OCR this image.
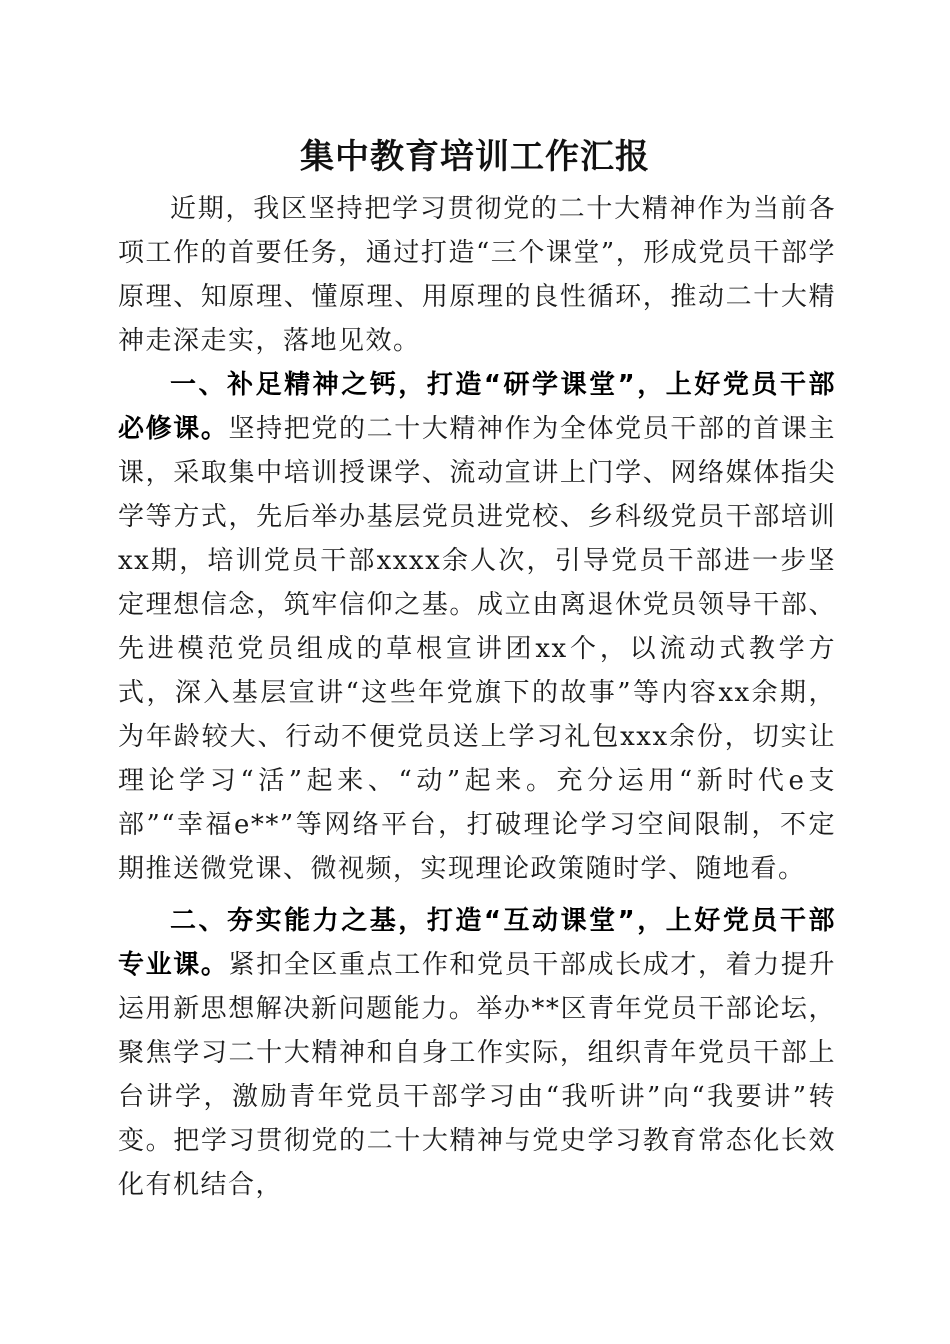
集中教育培训工作汇报

近期，我区坚持把学习贯彻党的二十大精神作为当前各项工作的首要任务，通过打造“三个课堂”，形成党员干部学原理、知原理、懂原理、用原理的良性循环，推动二十大精神走深走实，落地见效。

一、补足精神之钙，打造“研学课堂”，上好党员干部必修课。坚持把党的二十大精神作为全体党员干部的首课主课，采取集中培训授课学、流动宣讲上门学、网络媒体指尖学等方式，先后举办基层党员进党校、乡科级党员干部培训xx期，培训党员干部xxxx余人次，引导党员干部进一步坚定理想信念，筑牢信仰之基。成立由离退休党员领导干部、先进模范党员组成的草根宣讲团xx个，以流动式教学方式，深入基层宣讲“这些年党旗下的故事”等内容xx余期，为年龄较大、行动不便党员送上学习礼包xxx余份，切实让理论学习“活”起来、“动”起来。充分运用“新时代e支部”“幸福e**”等网络平台，打破理论学习空间限制，不定期推送微党课、微视频，实现理论政策随时学、随地看。

二、夯实能力之基，打造“互动课堂”，上好党员干部专业课。紧扣全区重点工作和党员干部成长成才，着力提升运用新思想解决新问题能力。举办**区青年党员干部论坛，聚焦学习二十大精神和自身工作实际，组织青年党员干部上台讲学，激励青年党员干部学习由“我听讲”向“我要讲”转变。把学习贯彻党的二十大精神与党史学习教育常态化长效化有机结合，
